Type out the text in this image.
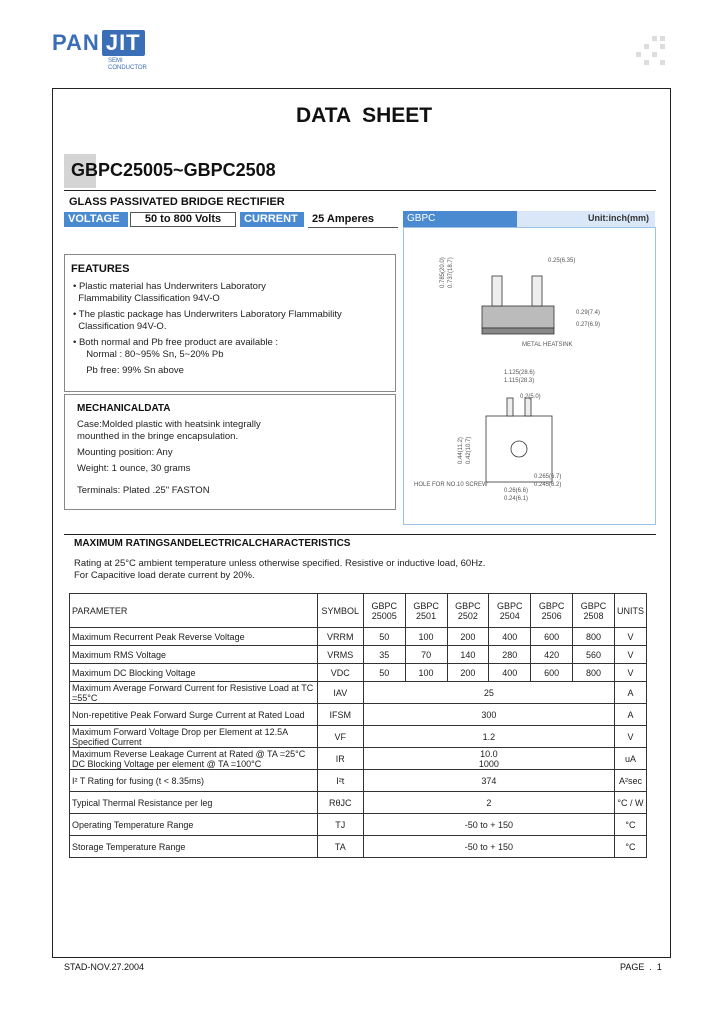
PAN JIT
SEMI
CONDUCTOR
DATA  SHEET
GBPC25005~GBPC2508
GLASS PASSIVATED BRIDGE RECTIFIER
VOLTAGE	50 to 800 Volts	CURRENT	25 Amperes	GBPC	Unit:inch(mm)
0.25(6.35)
0.785(20.0) 0.737(18.7)
0.29(7.4)
0.27(6.9)
METAL HEATSINK
1.125(28.6)
1.115(28.3)
0.2(5.0)
0.44(11.2) 0.42(10.7)
HOLE FOR NO.10 SCREW
0.265(6.7)
0.245(6.2)
0.26(6.6)
0.24(6.1)
FEATURES
• Plastic material has Underwriters Laboratory
Flammability Classification 94V-O
• The plastic package has Underwriters Laboratory Flammability
Classification 94V-O.
• Both normal and Pb free product are available :
Normal : 80~95% Sn, 5~20% Pb
Pb free: 99% Sn above
MECHANICALDATA
Case:Molded plastic with heatsink integrally
mounthed in the bringe encapsulation.
Mounting position: Any
Weight: 1 ounce, 30 grams
Terminals: Plated .25" FASTON
MAXIMUM RATINGSANDELECTRICALCHARACTERISTICS
Rating at 25°C ambient temperature unless otherwise specified. Resistive or inductive load, 60Hz.
For Capacitive load derate current by 20%.
PARAMETER	SYMBOL	GBPC 25005	GBPC 2501	GBPC 2502	GBPC 2504	GBPC 2506	GBPC 2508	UNITS
Maximum Recurrent Peak Reverse Voltage	VRRM	50	100	200	400	600	800	V
Maximum RMS Voltage	VRMS	35	70	140	280	420	560	V
Maximum DC Blocking Voltage	VDC	50	100	200	400	600	800	V
Maximum Average Forward Current for Resistive Load at TC =55°C	IAV	25						A
Non-repetitive Peak Forward Surge Current at Rated Load	IFSM	300						A
Maximum Forward Voltage Drop per Element at 12.5A Specified Current	VF	1.2						V
Maximum Reverse Leakage Current at Rated @ TA =25°C DC Blocking Voltage per element @ TA =100°C	IR	10.0
1000						uA
I² T Rating for fusing (t < 8.35ms)	I²t	374						A²sec
Typical Thermal Resistance per leg	RθJC	2						°C / W
Operating Temperature Range	TJ	-50 to + 150						°C
Storage Temperature Range	TA	-50 to + 150						°C
STAD-NOV.27.2004	PAGE  .  1
